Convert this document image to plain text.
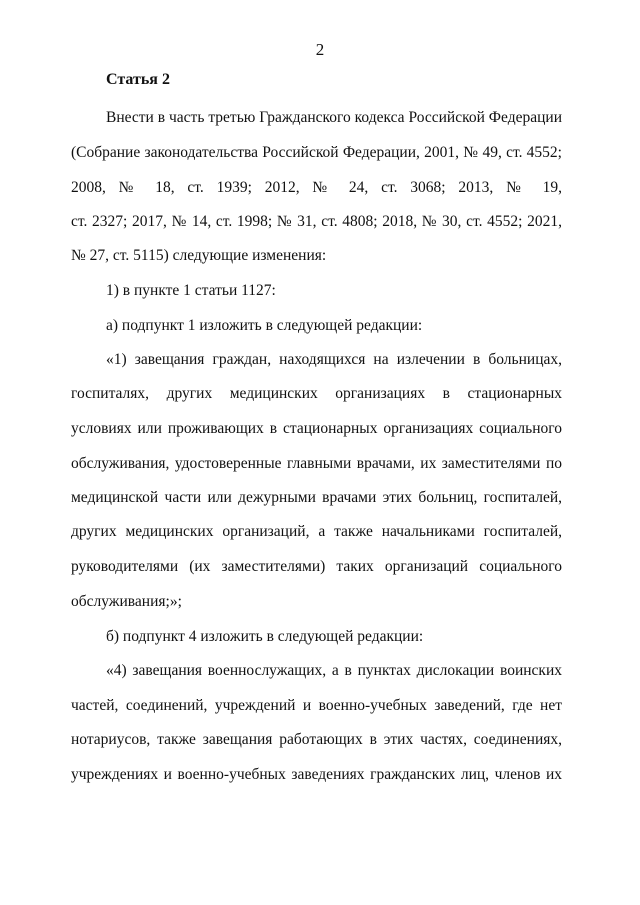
2
Статья 2
Внести в часть третью Гражданского кодекса Российской Федерации
(Собрание законодательства Российской Федерации, 2001, № 49, ст. 4552;
2008, № 18, ст. 1939; 2012, № 24, ст. 3068; 2013, № 19,
ст. 2327; 2017, № 14, ст. 1998; № 31, ст. 4808; 2018, № 30, ст. 4552; 2021,
№ 27, ст. 5115) следующие изменения:
1) в пункте 1 статьи 1127:
а) подпункт 1 изложить в следующей редакции:
«1) завещания граждан, находящихся на излечении в больницах,
госпиталях, других медицинских организациях в стационарных
условиях или проживающих в стационарных организациях социального
обслуживания, удостоверенные главными врачами, их заместителями по
медицинской части или дежурными врачами этих больниц, госпиталей,
других медицинских организаций, а также начальниками госпиталей,
руководителями (их заместителями) таких организаций социального
обслуживания;»;
б) подпункт 4 изложить в следующей редакции:
«4) завещания военнослужащих, а в пунктах дислокации воинских
частей, соединений, учреждений и военно-учебных заведений, где нет
нотариусов, также завещания работающих в этих частях, соединениях,
учреждениях и военно-учебных заведениях гражданских лиц, членов их
